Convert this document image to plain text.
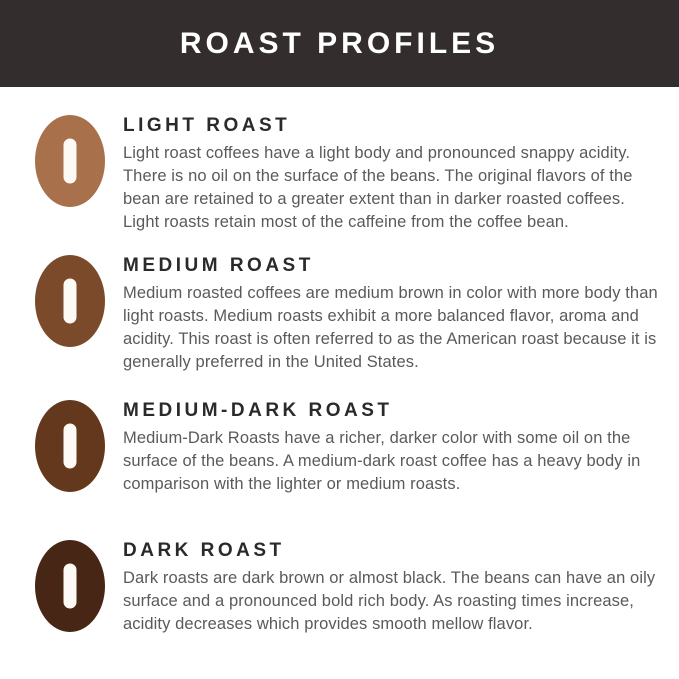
ROAST PROFILES
LIGHT ROAST
Light roast coffees have a light body and pronounced snappy acidity. There is no oil on the surface of the beans. The original flavors of the bean are retained to a greater extent than in darker roasted coffees. Light roasts retain most of the caffeine from the coffee bean.
MEDIUM ROAST
Medium roasted coffees are medium brown in color with more body than light roasts. Medium roasts exhibit a more balanced flavor, aroma and acidity. This roast is often referred to as the American roast because it is generally preferred in the United States.
MEDIUM-DARK ROAST
Medium-Dark Roasts have a richer, darker color with some oil on the surface of the beans. A medium-dark roast coffee has a heavy body in comparison with the lighter or medium roasts.
DARK ROAST
Dark roasts are dark brown or almost black. The beans can have an oily surface and a pronounced bold rich body. As roasting times increase, acidity decreases which provides smooth mellow flavor.
